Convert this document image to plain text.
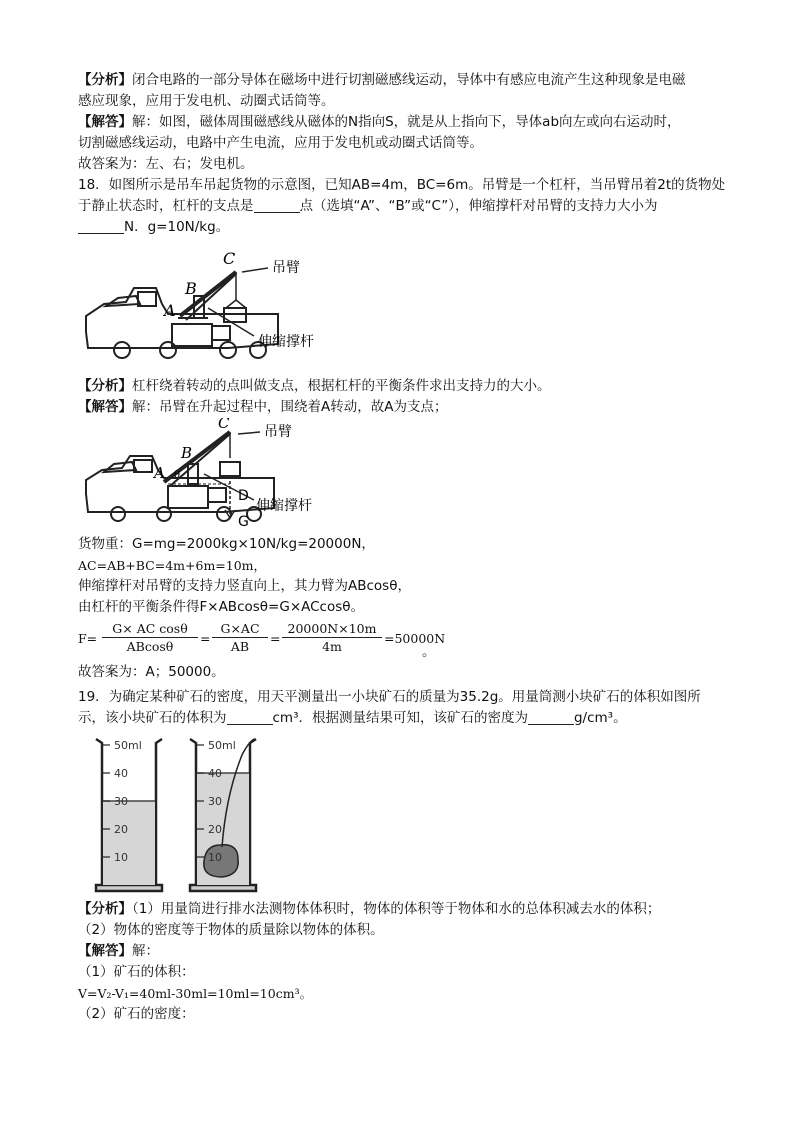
【分析】闭合电路的一部分导体在磁场中进行切割磁感线运动，导体中有感应电流产生这种现象是电磁
感应现象，应用于发电机、动圈式话筒等。
【解答】解：如图，磁体周围磁感线从磁体的N指向S，就是从上指向下，导体ab向左或向右运动时，
切割磁感线运动，电路中产生电流，应用于发电机或动圈式话筒等。
故答案为：左、右；发电机。
18．如图所示是吊车吊起货物的示意图，已知AB=4m，BC=6m。吊臂是一个杠杆，当吊臂吊着2t的货物处
于静止状态时，杠杆的支点是	点（选填“A”、“B”或“C”），伸缩撑杆对吊臂的支持力大小为
N．g=10N/kg。
C
B
A
吊臂
伸缩撑杆
【分析】杠杆绕着转动的点叫做支点，根据杠杆的平衡条件求出支持力的大小。
【解答】解：吊臂在升起过程中，围绕着A转动，故A为支点；
C
B
A θ
D
G
吊臂
伸缩撑杆
货物重：G=mg=2000kg×10N/kg=20000N，
AC=AB+BC=4m+6m=10m，
伸缩撑杆对吊臂的支持力竖直向上，其力臂为ABcosθ，
由杠杆的平衡条件得F×ABcosθ=G×ACcosθ。
$F= \frac{\text{G× AC cosθ}}{ABcos\theta} = \frac{G\times AC}{AB} = \frac{20000N\times 10m}{4m} =50000N$
。
故答案为：A；50000。
19．为确定某种矿石的密度，用天平测量出一小块矿石的质量为35.2g。用量筒测小块矿石的体积如图所
示，该小块矿石的体积为	cm³．根据测量结果可知，该矿石的密度为	g/cm³。
50ml
40
30
20
10
50ml
40
30
20
10
【分析】（1）用量筒进行排水法测物体体积时，物体的体积等于物体和水的总体积减去水的体积；
（2）物体的密度等于物体的质量除以物体的体积。
【解答】解：
（1）矿石的体积：
V=V₂-V₁=40ml-30ml=10ml=10cm³。
（2）矿石的密度：
